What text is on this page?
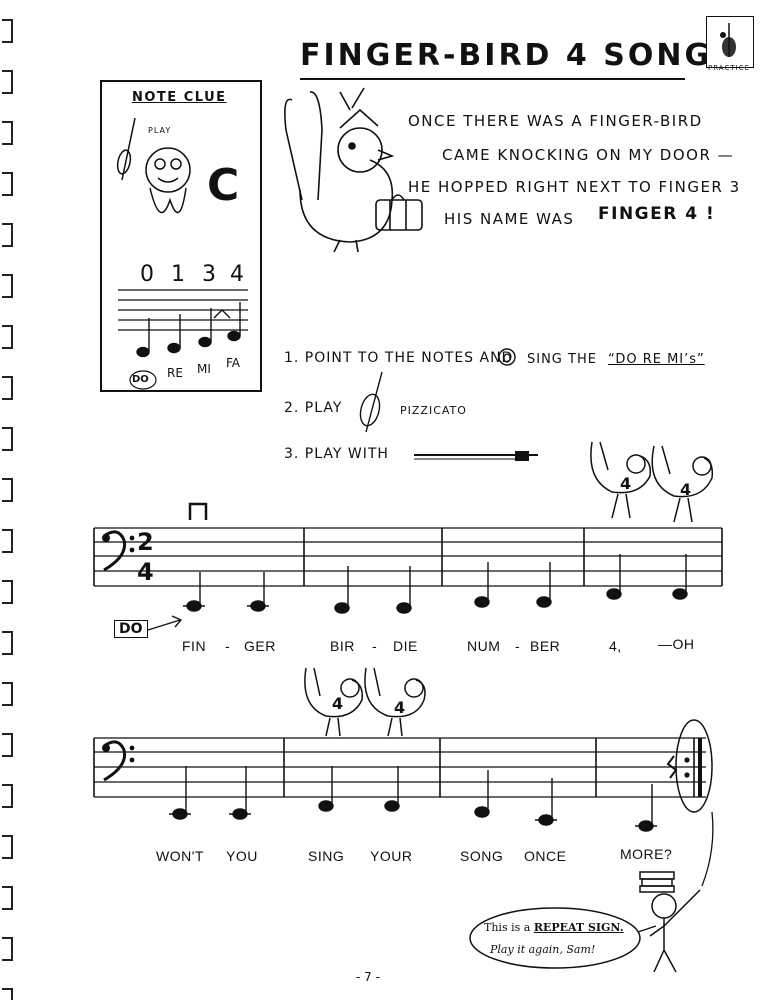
FINGER-BIRD 4 SONG
PRACTICE
NOTE CLUE
PLAY
C
0 1 3 4
DO RE MI FA
ONCE THERE WAS A FINGER-BIRD
CAME KNOCKING ON MY DOOR —
HE HOPPED RIGHT NEXT TO FINGER 3
HIS NAME WAS FINGER 4 !
1. POINT TO THE NOTES AND SING THE “DO RE MI’s”
2. PLAY	PIZZICATO
3. PLAY WITH
4	4
2
4
DO
FIN - GER	BIR - DIE	NUM - BER	4,	—OH
4	4
WON'T YOU	SING YOUR	SONG ONCE	MORE?
This is a REPEAT SIGN.
Play it again, Sam!
- 7 -
